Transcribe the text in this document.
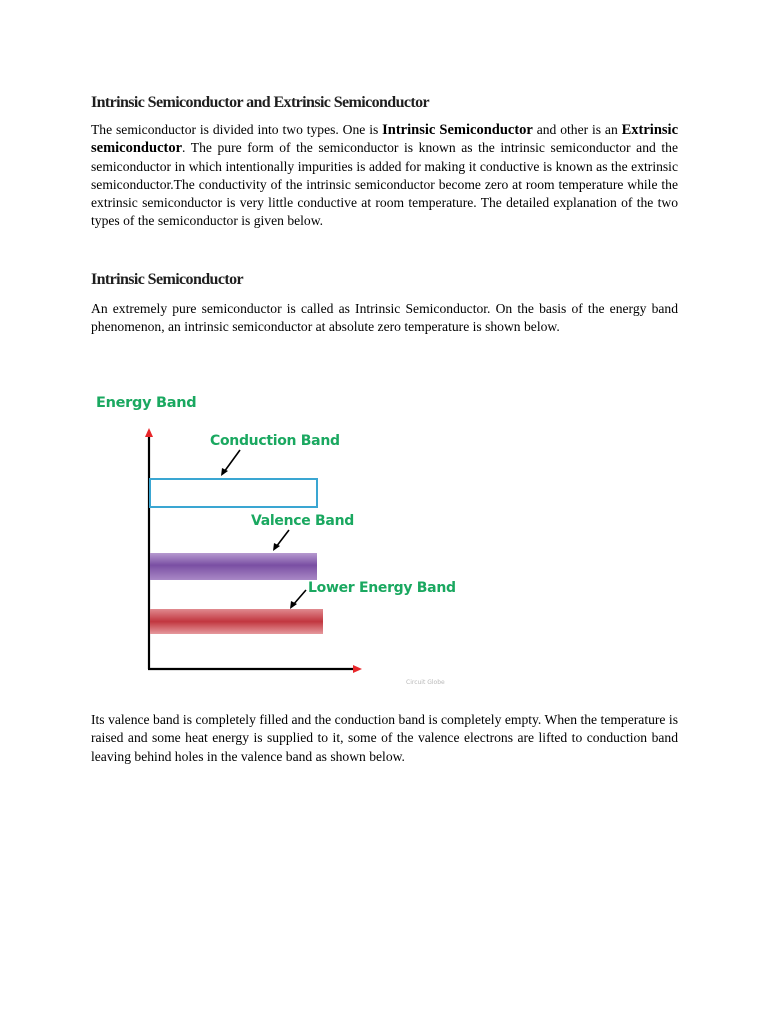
Intrinsic Semiconductor and Extrinsic Semiconductor

The semiconductor is divided into two types. One is Intrinsic Semiconductor and other is an Extrinsic semiconductor. The pure form of the semiconductor is known as the intrinsic semiconductor and the semiconductor in which intentionally impurities is added for making it conductive is known as the extrinsic semiconductor.The conductivity of the intrinsic semiconductor become zero at room temperature while the extrinsic semiconductor is very little conductive at room temperature. The detailed explanation of the two types of the semiconductor is given below.

Intrinsic Semiconductor

An extremely pure semiconductor is called as Intrinsic Semiconductor. On the basis of the energy band phenomenon, an intrinsic semiconductor at absolute zero temperature is shown below.

Its valence band is completely filled and the conduction band is completely empty. When the temperature is raised and some heat energy is supplied to it, some of the valence electrons are lifted to conduction band leaving behind holes in the valence band as shown below.

Energy Band
Conduction Band
Valence Band
Lower Energy Band
Circuit Globe
